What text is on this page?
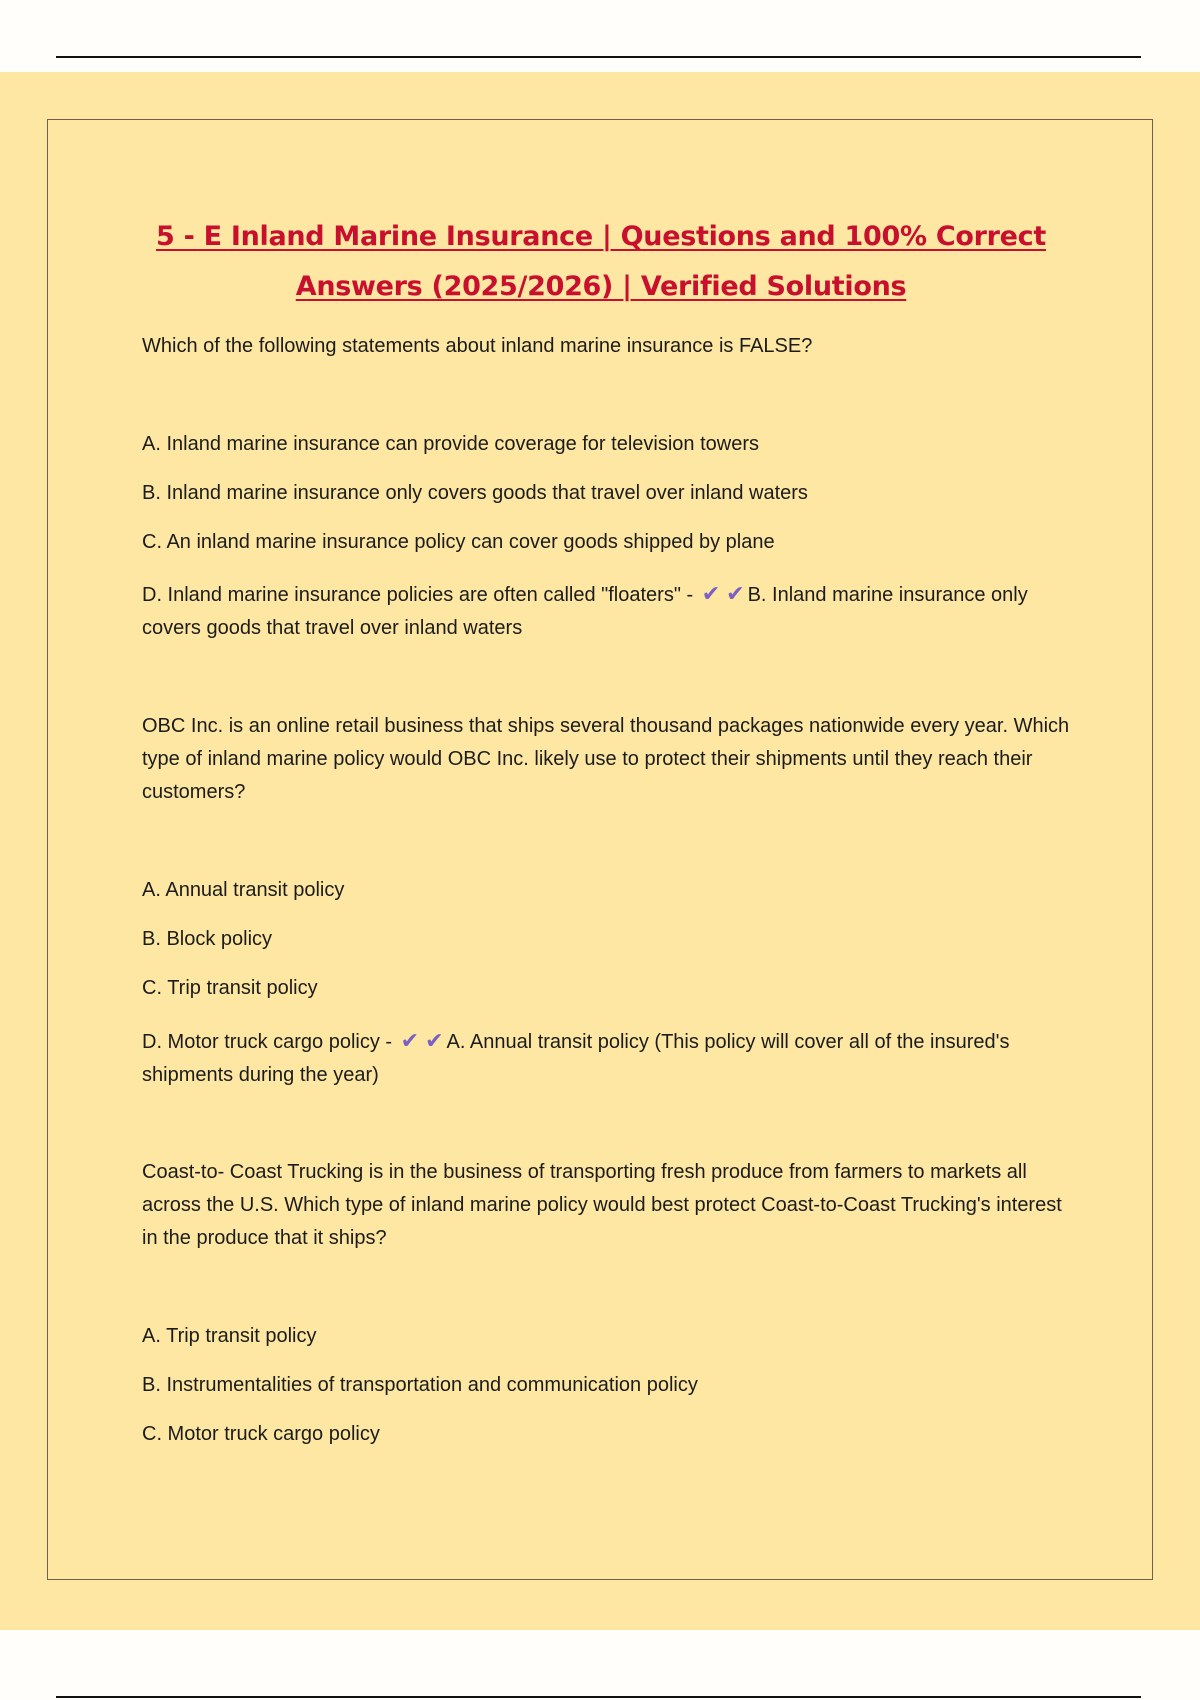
5 - E Inland Marine Insurance | Questions and 100% Correct
Answers (2025/2026) | Verified Solutions

Which of the following statements about inland marine insurance is FALSE?

A. Inland marine insurance can provide coverage for television towers

B. Inland marine insurance only covers goods that travel over inland waters

C. An inland marine insurance policy can cover goods shipped by plane

D. Inland marine insurance policies are often called "floaters" - ✔ ✔ B. Inland marine insurance only covers goods that travel over inland waters

OBC Inc. is an online retail business that ships several thousand packages nationwide every year. Which type of inland marine policy would OBC Inc. likely use to protect their shipments until they reach their customers?

A. Annual transit policy

B. Block policy

C. Trip transit policy

D. Motor truck cargo policy - ✔ ✔ A. Annual transit policy (This policy will cover all of the insured's shipments during the year)

Coast-to- Coast Trucking is in the business of transporting fresh produce from farmers to markets all across the U.S. Which type of inland marine policy would best protect Coast-to-Coast Trucking's interest in the produce that it ships?

A. Trip transit policy

B. Instrumentalities of transportation and communication policy

C. Motor truck cargo policy
